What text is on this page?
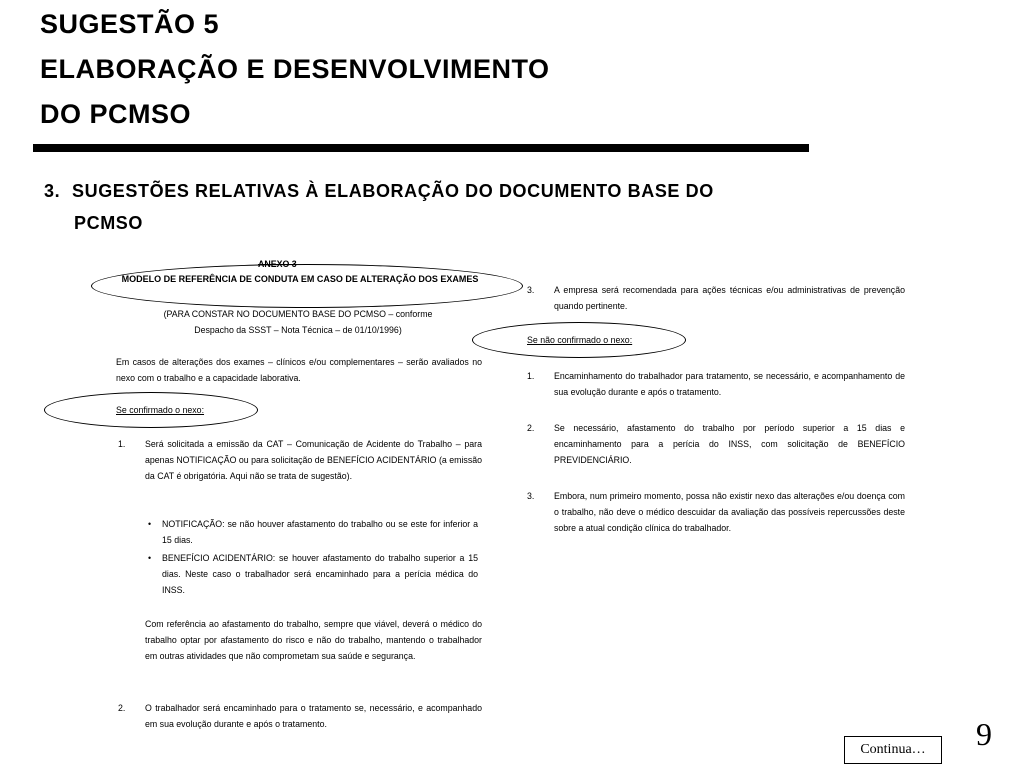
SUGESTÃO 5

ELABORAÇÃO E DESENVOLVIMENTO

DO PCMSO

3. SUGESTÕES RELATIVAS À ELABORAÇÃO DO DOCUMENTO BASE DO
PCMSO
ANEXO 3
MODELO DE REFERÊNCIA DE CONDUTA EM CASO DE ALTERAÇÃO DOS EXAMES
(PARA CONSTAR NO DOCUMENTO BASE DO PCMSO – conforme
Despacho da SSST – Nota Técnica – de 01/10/1996)
Em casos de alterações dos exames – clínicos e/ou complementares – serão avaliados no nexo com o trabalho e a capacidade laborativa.
Se confirmado o nexo:
1. Será solicitada a emissão da CAT – Comunicação de Acidente do Trabalho – para apenas NOTIFICAÇÃO ou para solicitação de BENEFÍCIO ACIDENTÁRIO (a emissão da CAT é obrigatória. Aqui não se trata de sugestão).
• NOTIFICAÇÃO: se não houver afastamento do trabalho ou se este for inferior a 15 dias.
• BENEFÍCIO ACIDENTÁRIO: se houver afastamento do trabalho superior a 15 dias. Neste caso o trabalhador será encaminhado para a perícia médica do INSS.
Com referência ao afastamento do trabalho, sempre que viável, deverá o médico do trabalho optar por afastamento do risco e não do trabalho, mantendo o trabalhador em outras atividades que não comprometam sua saúde e segurança.
2. O trabalhador será encaminhado para o tratamento se, necessário, e acompanhado em sua evolução durante e após o tratamento.
3. A empresa será recomendada para ações técnicas e/ou administrativas de prevenção quando pertinente.
Se não confirmado o nexo:
1. Encaminhamento do trabalhador para tratamento, se necessário, e acompanhamento de sua evolução durante e após o tratamento.
2. Se necessário, afastamento do trabalho por período superior a 15 dias e encaminhamento para a perícia do INSS, com solicitação de BENEFÍCIO PREVIDENCIÁRIO.
3. Embora, num primeiro momento, possa não existir nexo das alterações e/ou doença com o trabalho, não deve o médico descuidar da avaliação das possíveis repercussões deste sobre a atual condição clínica do trabalhador.
Continua…	9
